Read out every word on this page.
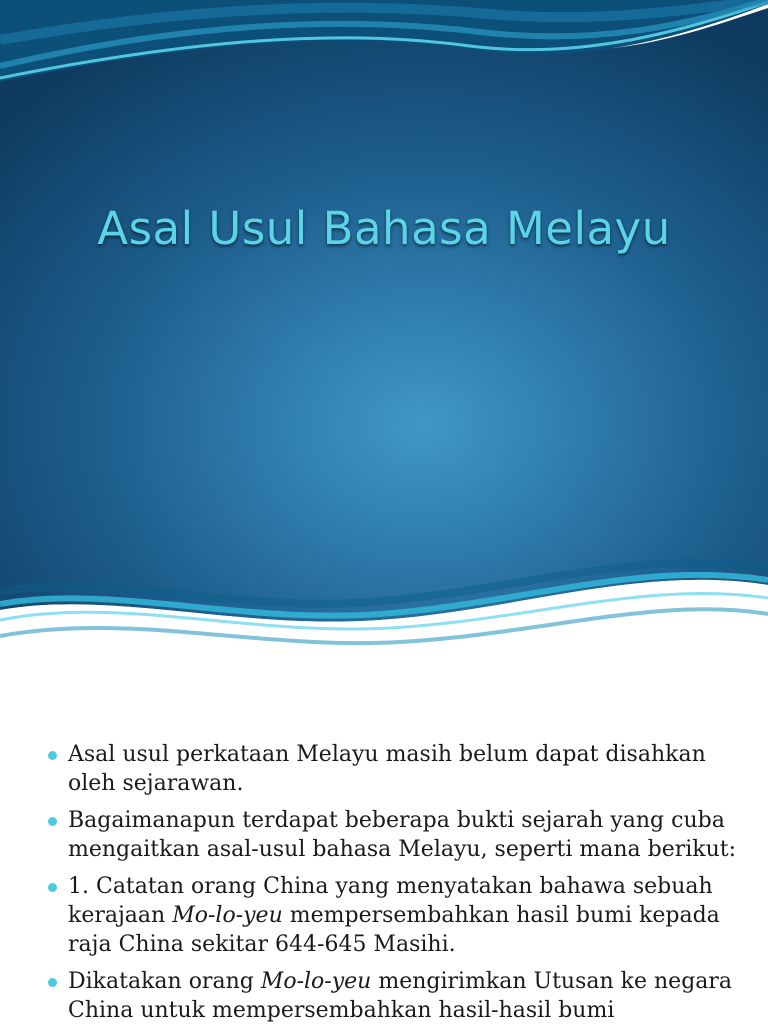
Asal Usul Bahasa Melayu
Asal usul perkataan Melayu masih belum dapat disahkan oleh sejarawan.
Bagaimanapun terdapat beberapa bukti sejarah yang cuba mengaitkan asal-usul bahasa Melayu, seperti mana berikut:
1. Catatan orang China yang menyatakan bahawa sebuah kerajaan Mo-lo-yeu mempersembahkan hasil bumi kepada raja China sekitar 644-645 Masihi.
Dikatakan orang Mo-lo-yeu mengirimkan Utusan ke negara China untuk mempersembahkan hasil-hasil bumi
